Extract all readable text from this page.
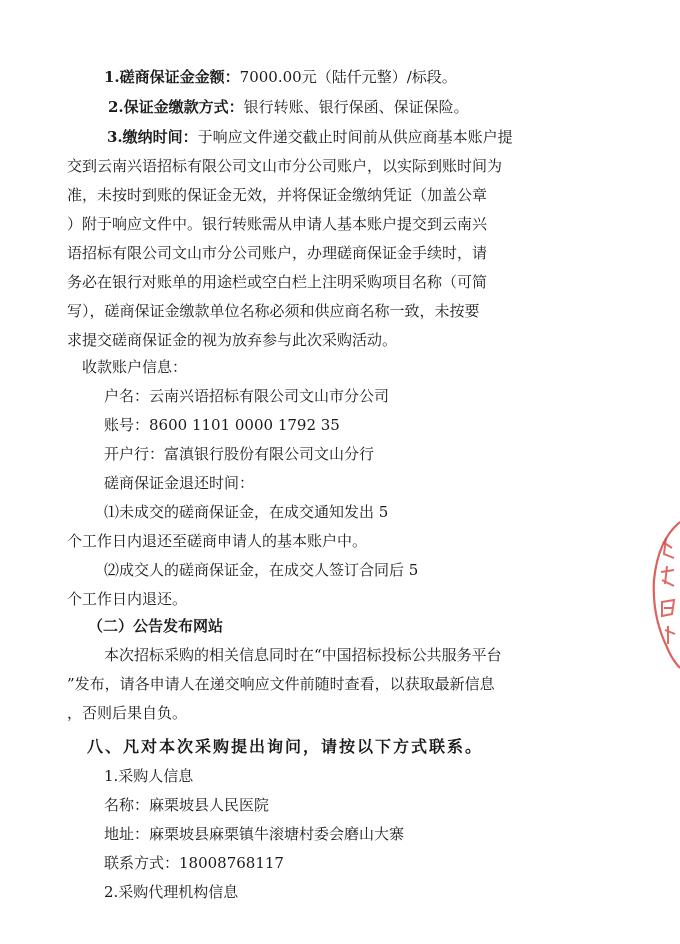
1.磋商保证金金额：7000.00元（陆仟元整）/标段。
2.保证金缴款方式：银行转账、银行保函、保证保险。
3.缴纳时间：于响应文件递交截止时间前从供应商基本账户提
交到云南兴语招标有限公司文山市分公司账户，以实际到账时间为
准，未按时到账的保证金无效，并将保证金缴纳凭证（加盖公章
）附于响应文件中。银行转账需从申请人基本账户提交到云南兴
语招标有限公司文山市分公司账户，办理磋商保证金手续时，请
务必在银行对账单的用途栏或空白栏上注明采购项目名称（可简
写），磋商保证金缴款单位名称必须和供应商名称一致，未按要
求提交磋商保证金的视为放弃参与此次采购活动。
收款账户信息：
户名：云南兴语招标有限公司文山市分公司
账号：8600 1101 0000 1792 35
开户行：富滇银行股份有限公司文山分行
磋商保证金退还时间：
⑴未成交的磋商保证金，在成交通知发出 5
个工作日内退还至磋商申请人的基本账户中。
⑵成交人的磋商保证金，在成交人签订合同后 5
个工作日内退还。
（二）公告发布网站
本次招标采购的相关信息同时在“中国招标投标公共服务平台
”发布，请各申请人在递交响应文件前随时查看，以获取最新信息
，否则后果自负。
八、凡对本次采购提出询问，请按以下方式联系。
1.采购人信息
名称：麻栗坡县人民医院
地址：麻栗坡县麻栗镇牛滚塘村委会磨山大寨
联系方式：18008768117
2.采购代理机构信息
